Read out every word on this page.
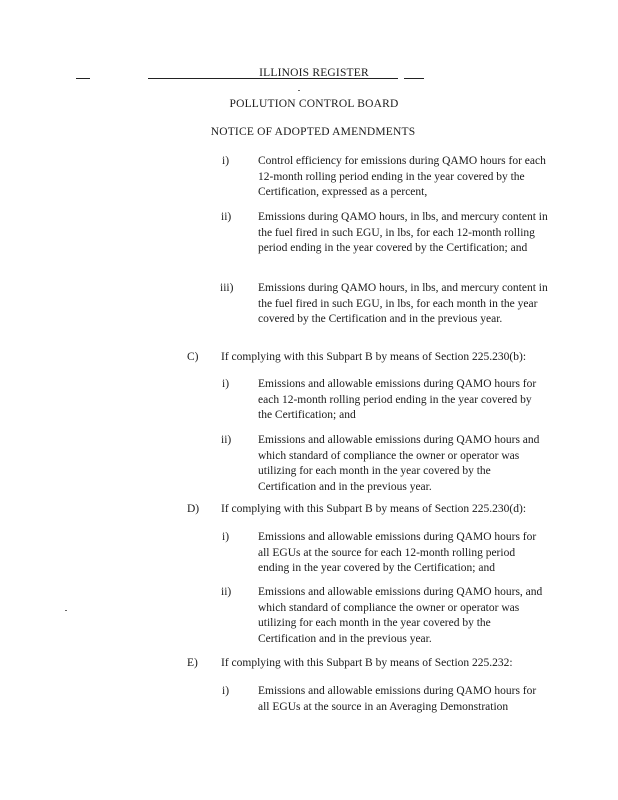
ILLINOIS REGISTER
POLLUTION CONTROL BOARD
NOTICE OF ADOPTED AMENDMENTS
i)	Control efficiency for emissions during QAMO hours for each 12-month rolling period ending in the year covered by the Certification, expressed as a percent,
ii) Emissions during QAMO hours, in lbs, and mercury content in the fuel fired in such EGU, in lbs, for each 12-month rolling period ending in the year covered by the Certification; and
iii) Emissions during QAMO hours, in lbs, and mercury content in the fuel fired in such EGU, in lbs, for each month in the year covered by the Certification and in the previous year.
C) If complying with this Subpart B by means of Section 225.230(b):
i)	Emissions and allowable emissions during QAMO hours for each 12-month rolling period ending in the year covered by the Certification; and
ii) Emissions and allowable emissions during QAMO hours and which standard of compliance the owner or operator was utilizing for each month in the year covered by the Certification and in the previous year.
D) If complying with this Subpart B by means of Section 225.230(d):
i)	Emissions and allowable emissions during QAMO hours for all EGUs at the source for each 12-month rolling period ending in the year covered by the Certification; and
ii) Emissions and allowable emissions during QAMO hours, and which standard of compliance the owner or operator was utilizing for each month in the year covered by the Certification and in the previous year.
E) If complying with this Subpart B by means of Section 225.232:
i)	Emissions and allowable emissions during QAMO hours for all EGUs at the source in an Averaging Demonstration
